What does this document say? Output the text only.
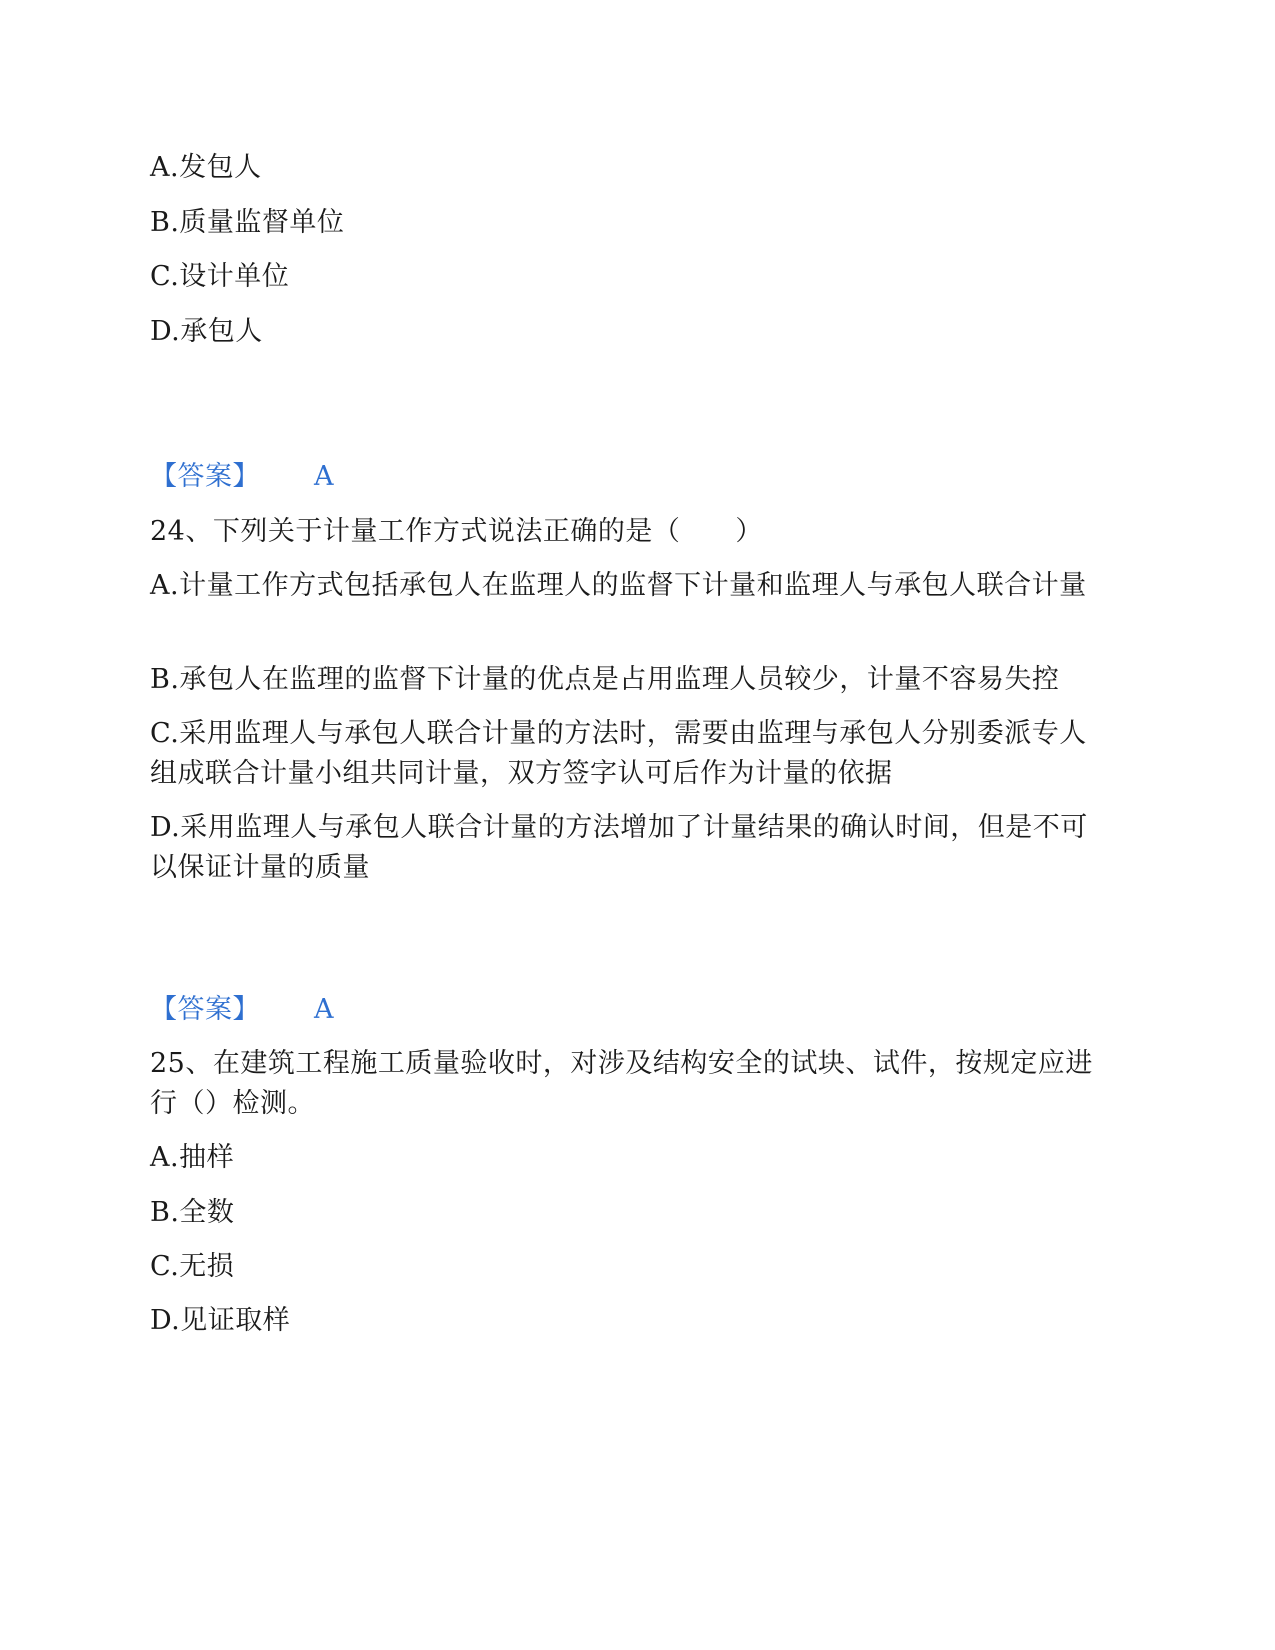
A.发包人
B.质量监督单位
C.设计单位
D.承包人
【答案】 A
24、下列关于计量工作方式说法正确的是（　　）
A.计量工作方式包括承包人在监理人的监督下计量和监理人与承包人联合计量
B.承包人在监理的监督下计量的优点是占用监理人员较少，计量不容易失控
C.采用监理人与承包人联合计量的方法时，需要由监理与承包人分别委派专人组成联合计量小组共同计量，双方签字认可后作为计量的依据
D.采用监理人与承包人联合计量的方法增加了计量结果的确认时间，但是不可以保证计量的质量
【答案】 A
25、在建筑工程施工质量验收时，对涉及结构安全的试块、试件，按规定应进行（）检测。
A.抽样
B.全数
C.无损
D.见证取样
